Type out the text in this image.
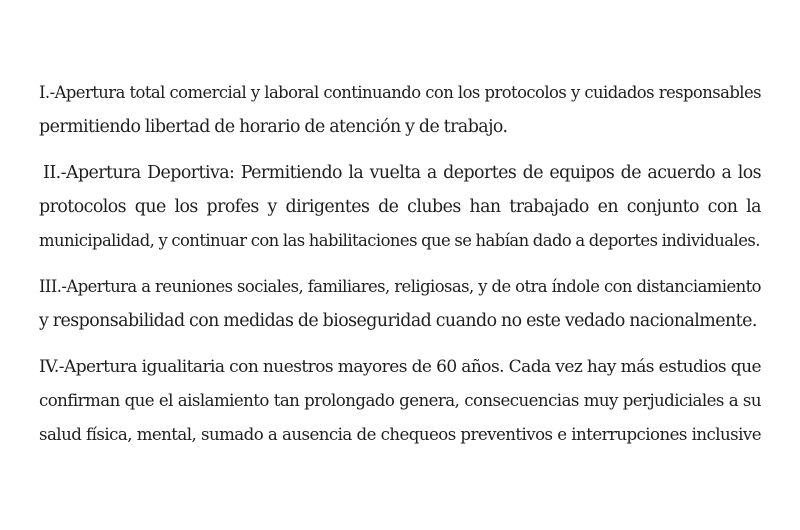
I.-Apertura total comercial y laboral continuando con los protocolos y cuidados responsables
permitiendo libertad de horario de atención y de trabajo.

II.-Apertura Deportiva: Permitiendo la vuelta a deportes de equipos de acuerdo a los
protocolos que los profes y dirigentes de clubes han trabajado en conjunto con la
municipalidad, y continuar con las habilitaciones que se habían dado a deportes individuales.

III.-Apertura a reuniones sociales, familiares, religiosas, y de otra índole con distanciamiento
y responsabilidad con medidas de bioseguridad cuando no este vedado nacionalmente.

IV.-Apertura igualitaria con nuestros mayores de 60 años. Cada vez hay más estudios que
confirman que el aislamiento tan prolongado genera, consecuencias muy perjudiciales a su
salud física, mental, sumado a ausencia de chequeos preventivos e interrupciones inclusive
